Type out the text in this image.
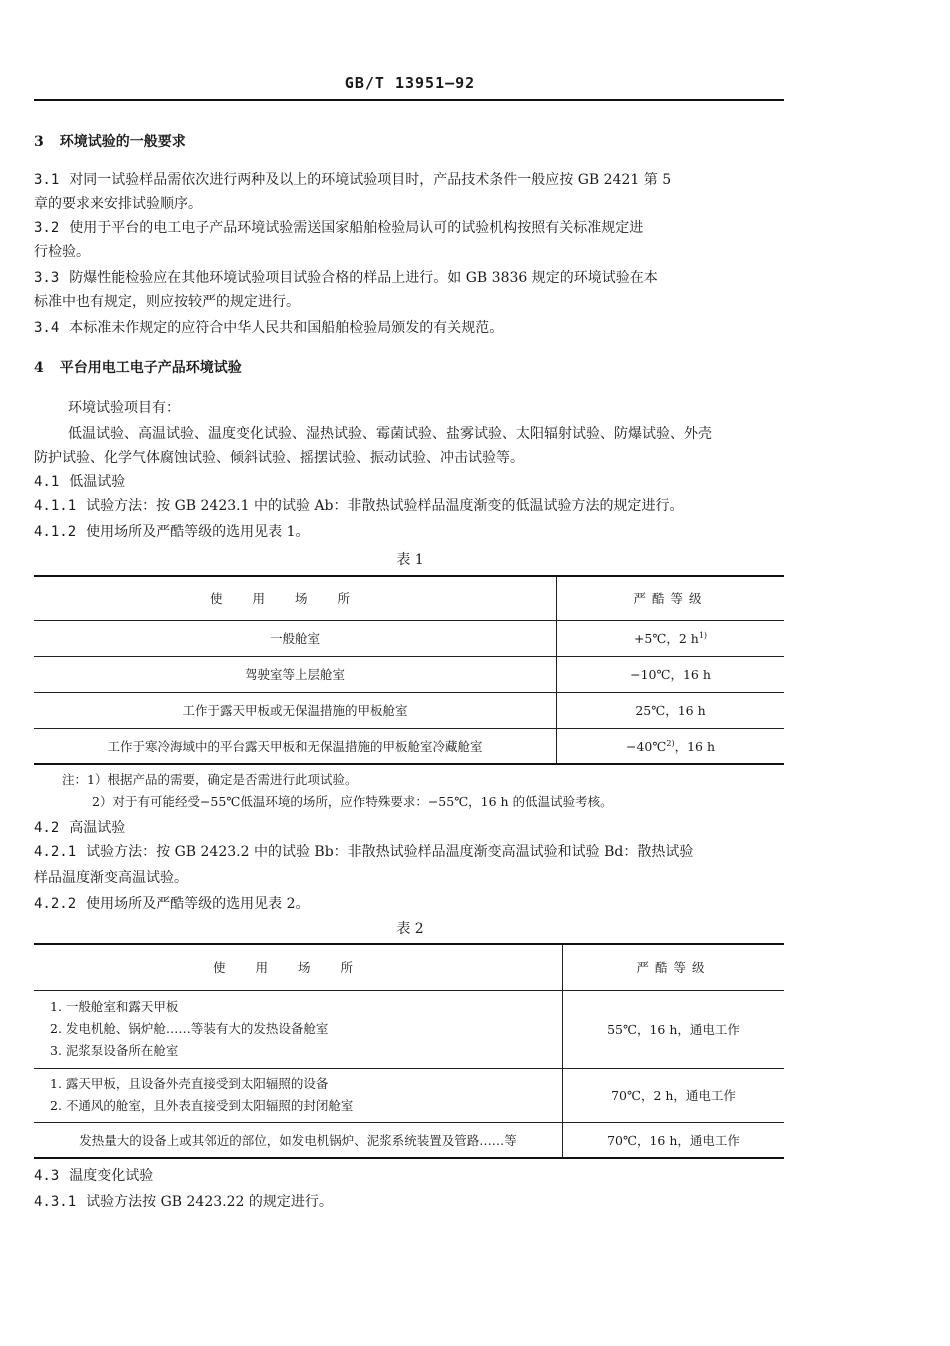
GB/T 13951—92
3 环境试验的一般要求
3.1 对同一试验样品需依次进行两种及以上的环境试验项目时，产品技术条件一般应按 GB 2421 第 5
章的要求来安排试验顺序。
3.2 使用于平台的电工电子产品环境试验需送国家船舶检验局认可的试验机构按照有关标准规定进
行检验。
3.3 防爆性能检验应在其他环境试验项目试验合格的样品上进行。如 GB 3836 规定的环境试验在本
标准中也有规定，则应按较严的规定进行。
3.4 本标准未作规定的应符合中华人民共和国船舶检验局颁发的有关规范。
4 平台用电工电子产品环境试验
环境试验项目有：
低温试验、高温试验、温度变化试验、湿热试验、霉菌试验、盐雾试验、太阳辐射试验、防爆试验、外壳
防护试验、化学气体腐蚀试验、倾斜试验、摇摆试验、振动试验、冲击试验等。
4.1 低温试验
4.1.1 试验方法：按 GB 2423.1 中的试验 Ab：非散热试验样品温度渐变的低温试验方法的规定进行。
4.1.2 使用场所及严酷等级的选用见表 1。
表 1
使用场所	严酷等级
一般舱室	+5℃，2 $h^{1)}$
驾驶室等上层舱室	−10℃，16 h
工作于露天甲板或无保温措施的甲板舱室	25℃，16 h
工作于寒冷海域中的平台露天甲板和无保温措施的甲板舱室冷藏舱室	−40℃$^{2)}$，16 h
注：1）根据产品的需要，确定是否需进行此项试验。
2）对于有可能经受−55℃低温环境的场所，应作特殊要求：−55℃，16 h 的低温试验考核。
4.2 高温试验
4.2.1 试验方法：按 GB 2423.2 中的试验 Bb：非散热试验样品温度渐变高温试验和试验 Bd：散热试验
样品温度渐变高温试验。
4.2.2 使用场所及严酷等级的选用见表 2。
表 2
使用场所	严酷等级

1. 一般舱室和露天甲板
2. 发电机舱、锅炉舱……等装有大的发热设备舱室
3. 泥浆泵设备所在舱室	55℃，16 h，通电工作

1. 露天甲板，且设备外壳直接受到太阳辐照的设备
2. 不通风的舱室，且外表直接受到太阳辐照的封闭舱室	70℃，2 h，通电工作
发热量大的设备上或其邻近的部位，如发电机锅炉、泥浆系统装置及管路……等	70℃，16 h，通电工作
4.3 温度变化试验
4.3.1 试验方法按 GB 2423.22 的规定进行。
